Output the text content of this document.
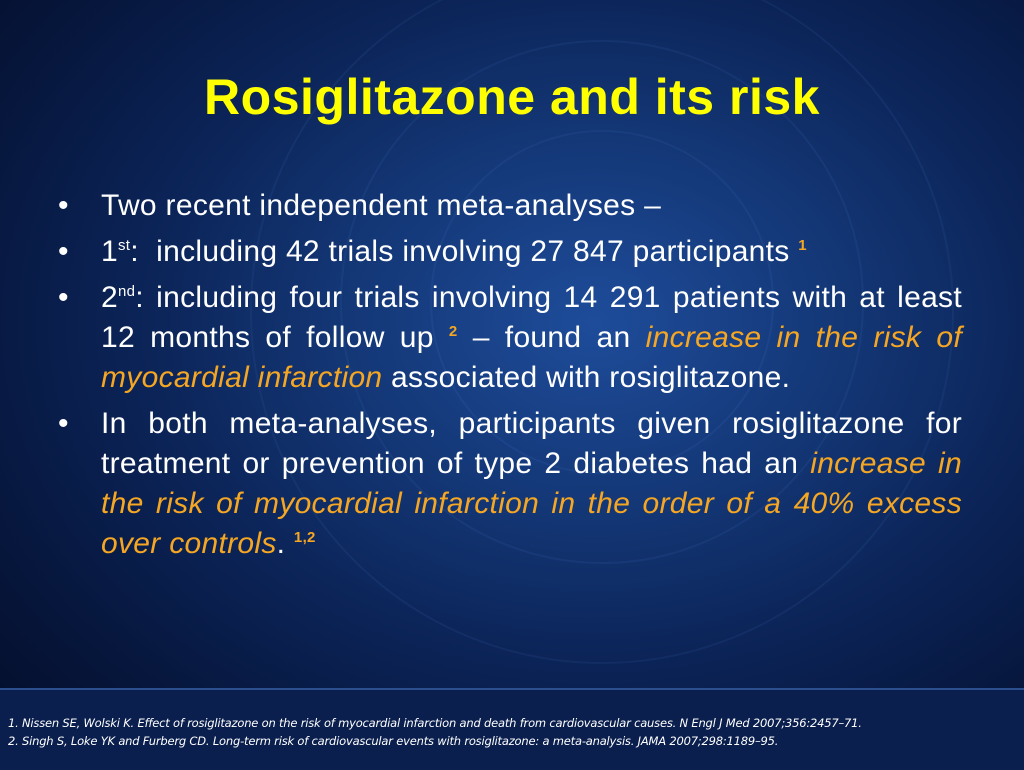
Rosiglitazone and its risk
• Two recent independent meta-analyses –
• 1st:  including 42 trials involving 27 847 participants $^1$
• 2nd: including four trials involving 14 291 patients with at least 12 months of follow up $^2$ – found an increase in the risk of myocardial infarction associated with rosiglitazone.
• In both meta-analyses, participants given rosiglitazone for treatment or prevention of type 2 diabetes had an increase in the risk of myocardial infarction in the order of a 40% excess over controls. $^{1,2}$
1. Nissen SE, Wolski K. Effect of rosiglitazone on the risk of myocardial infarction and death from cardiovascular causes. N Engl J Med 2007;356:2457–71.
2. Singh S, Loke YK and Furberg CD. Long-term risk of cardiovascular events with rosiglitazone: a meta-analysis. JAMA 2007;298:1189–95.
